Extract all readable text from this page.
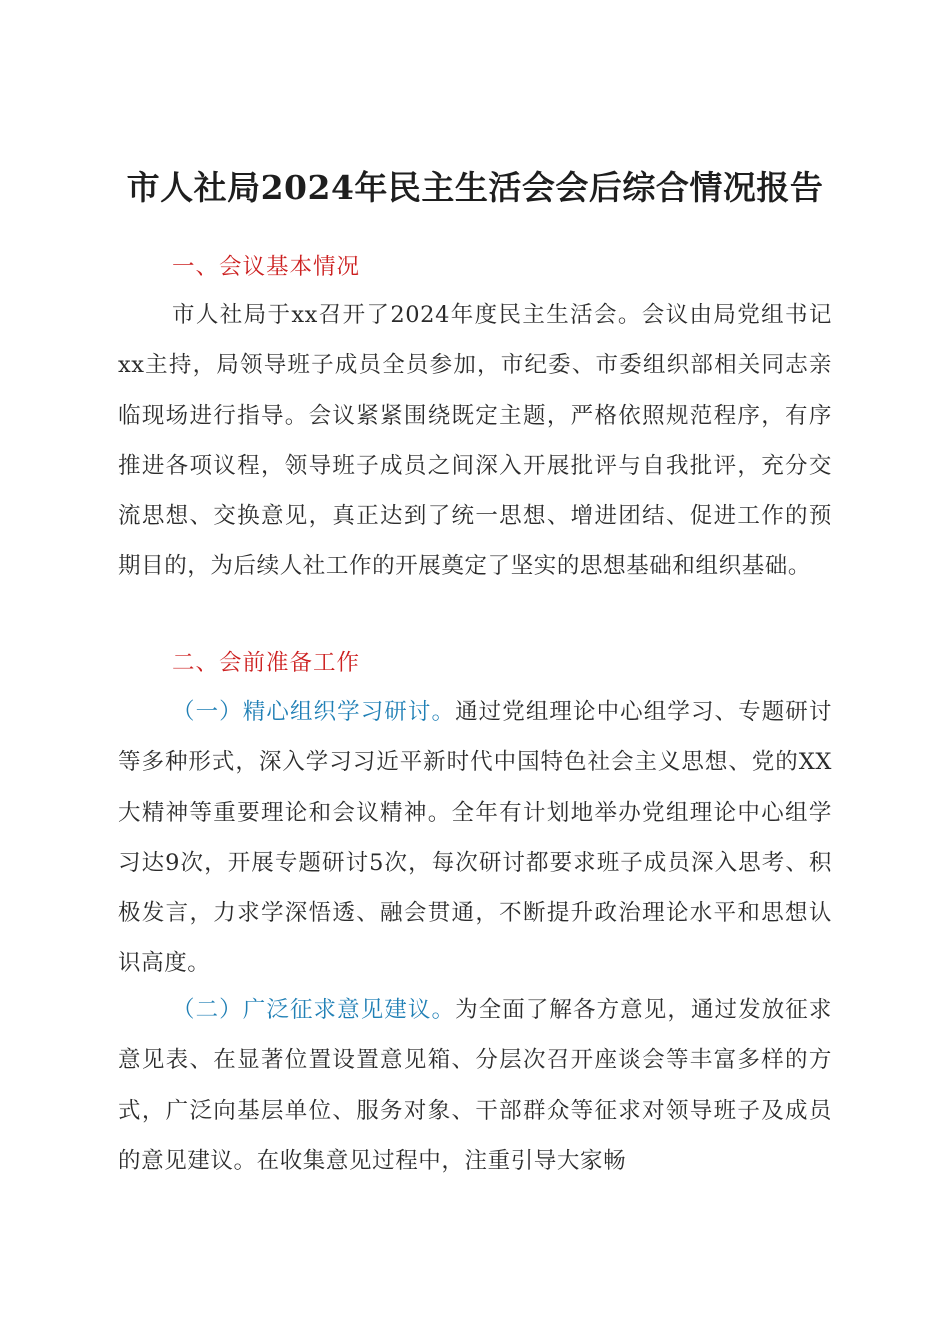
市人社局2024年民主生活会会后综合情况报告
一、会议基本情况
市人社局于xx召开了2024年度民主生活会。会议由局党组书记xx主持，局领导班子成员全员参加，市纪委、市委组织部相关同志亲临现场进行指导。会议紧紧围绕既定主题，严格依照规范程序，有序推进各项议程，领导班子成员之间深入开展批评与自我批评，充分交流思想、交换意见，真正达到了统一思想、增进团结、促进工作的预期目的，为后续人社工作的开展奠定了坚实的思想基础和组织基础。
二、会前准备工作
（一）精心组织学习研讨。通过党组理论中心组学习、专题研讨等多种形式，深入学习习近平新时代中国特色社会主义思想、党的XX大精神等重要理论和会议精神。全年有计划地举办党组理论中心组学习达9次，开展专题研讨5次，每次研讨都要求班子成员深入思考、积极发言，力求学深悟透、融会贯通，不断提升政治理论水平和思想认识高度。
（二）广泛征求意见建议。为全面了解各方意见，通过发放征求意见表、在显著位置设置意见箱、分层次召开座谈会等丰富多样的方式，广泛向基层单位、服务对象、干部群众等征求对领导班子及成员的意见建议。在收集意见过程中，注重引导大家畅
